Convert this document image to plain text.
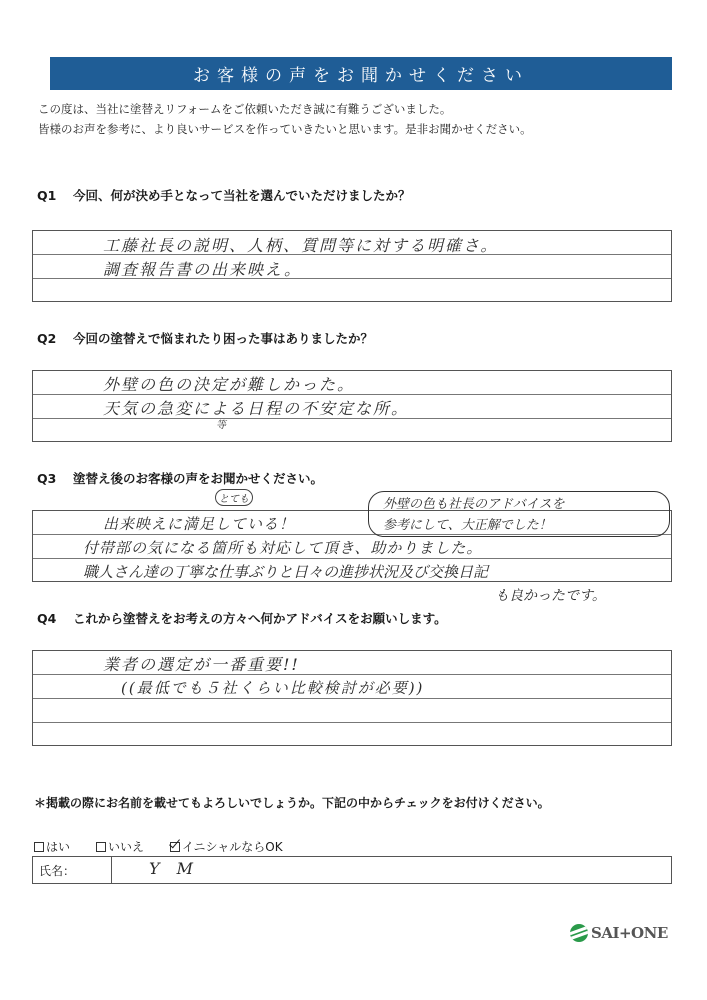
お客様の声をお聞かせください
この度は、当社に塗替えリフォームをご依頼いただき誠に有難うございました。
皆様のお声を参考に、より良いサービスを作っていきたいと思います。是非お聞かせください。
Q1 今回、何が決め手となって当社を選んでいただけましたか？
工藤社長の説明、人柄、質問等に対する明確さ。
調査報告書の出来映え。
Q2 今回の塗替えで悩まれたり困った事はありましたか？
外壁の色の決定が難しかった。
天気の急変による日程の不安定な所。
等
Q3 塗替え後のお客様の声をお聞かせください。
とても
出来映えに満足している！
付帯部の気になる箇所も対応して頂き、助かりました。
職人さん達の丁寧な仕事ぶりと日々の進捗状況及び交換日記
も良かったです。
外壁の色も社長のアドバイスを
参考にして、大正解でした！
Q4 これから塗替えをお考えの方々へ何かアドバイスをお願いします。
業者の選定が一番重要!!
((最低でも５社くらい比較検討が必要))
＊掲載の際にお名前を載せてもよろしいでしょうか。下記の中からチェックをお付けください。
はい	いいえ	イニシャルならOK
氏名：	Y M
SAI+ONE
